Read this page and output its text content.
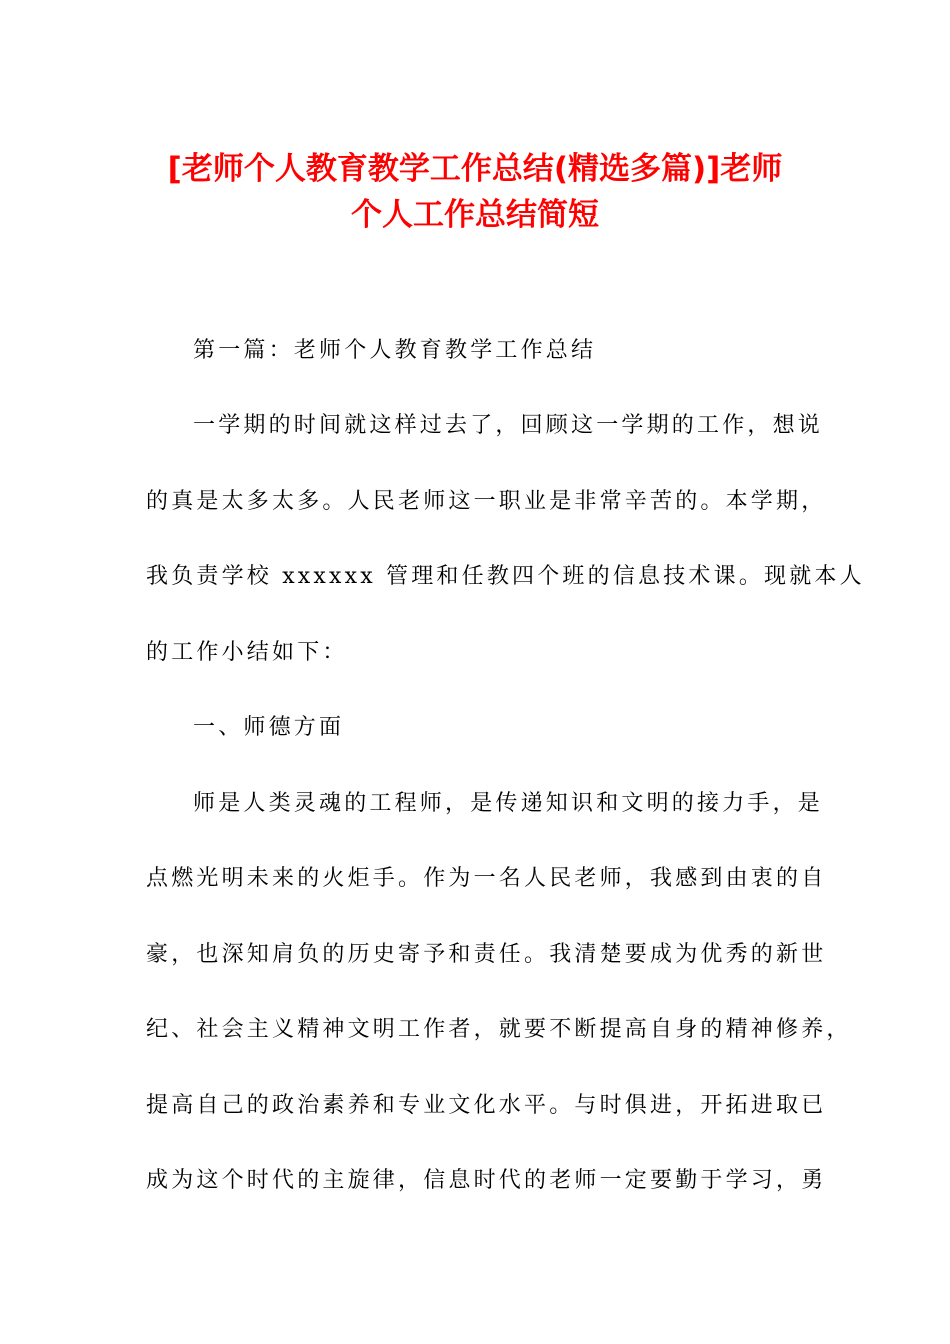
[老师个人教育教学工作总结(精选多篇)]老师
个人工作总结简短
第一篇：老师个人教育教学工作总结
一学期的时间就这样过去了，回顾这一学期的工作，想说
的真是太多太多。人民老师这一职业是非常辛苦的。本学期，
我负责学校 xxxxxx 管理和任教四个班的信息技术课。现就本人
的工作小结如下：
一、师德方面
师是人类灵魂的工程师，是传递知识和文明的接力手，是
点燃光明未来的火炬手。作为一名人民老师，我感到由衷的自
豪，也深知肩负的历史寄予和责任。我清楚要成为优秀的新世
纪、社会主义精神文明工作者，就要不断提高自身的精神修养，
提高自己的政治素养和专业文化水平。与时俱进，开拓进取已
成为这个时代的主旋律，信息时代的老师一定要勤于学习，勇
